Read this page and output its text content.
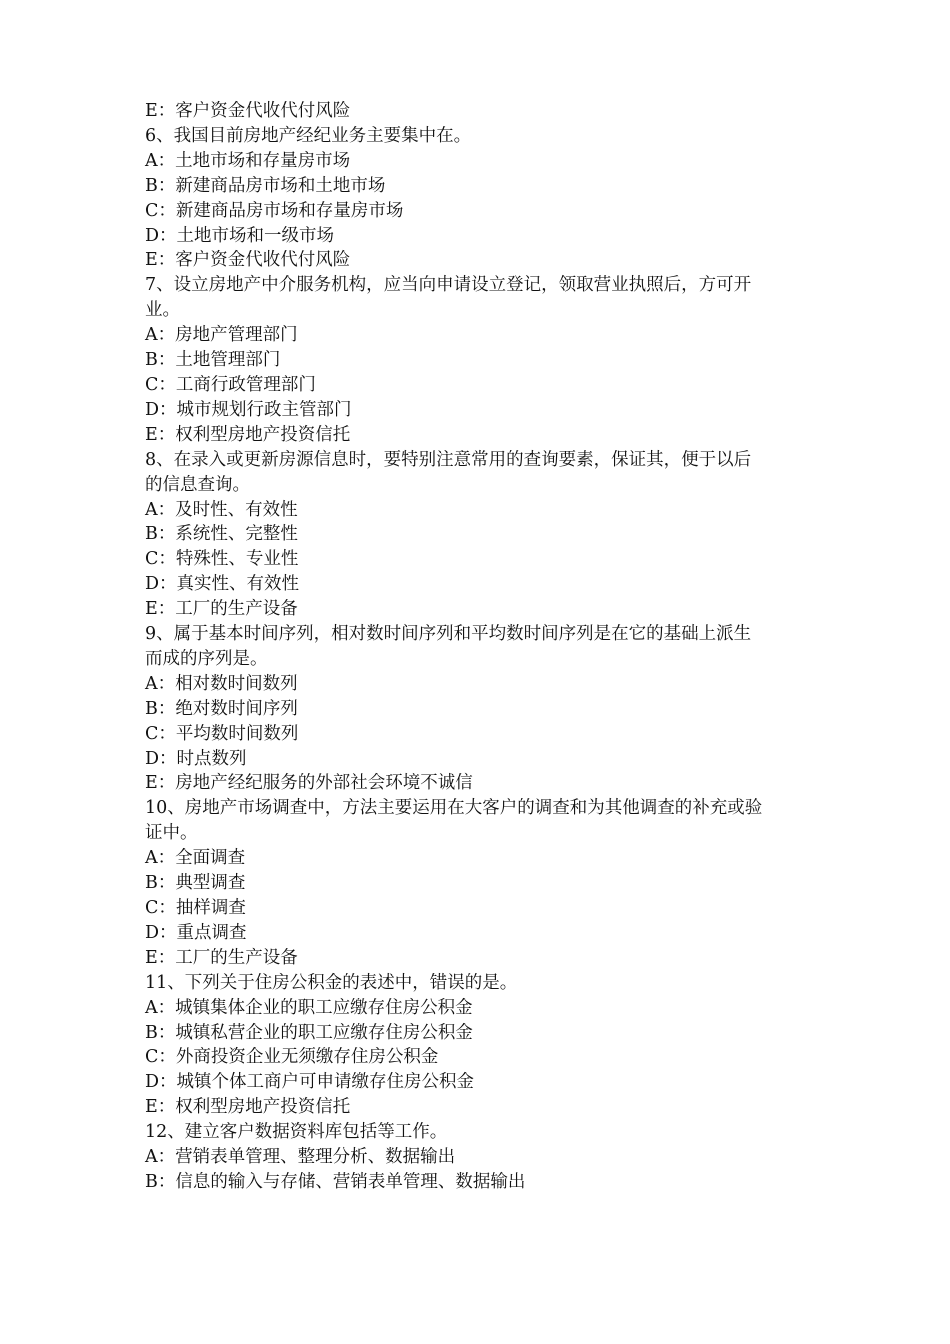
E：客户资金代收代付风险

6、我国目前房地产经纪业务主要集中在。

A：土地市场和存量房市场

B：新建商品房市场和土地市场

C：新建商品房市场和存量房市场

D：土地市场和一级市场

E：客户资金代收代付风险

7、设立房地产中介服务机构，应当向申请设立登记，领取营业执照后，方可开

业。

A：房地产管理部门

B：土地管理部门

C：工商行政管理部门

D：城市规划行政主管部门

E：权利型房地产投资信托

8、在录入或更新房源信息时，要特别注意常用的查询要素，保证其，便于以后

的信息查询。

A：及时性、有效性

B：系统性、完整性

C：特殊性、专业性

D：真实性、有效性

E：工厂的生产设备

9、属于基本时间序列，相对数时间序列和平均数时间序列是在它的基础上派生

而成的序列是。

A：相对数时间数列

B：绝对数时间序列

C：平均数时间数列

D：时点数列

E：房地产经纪服务的外部社会环境不诚信

10、房地产市场调查中，方法主要运用在大客户的调查和为其他调查的补充或验

证中。

A：全面调查

B：典型调查

C：抽样调查

D：重点调查

E：工厂的生产设备

11、下列关于住房公积金的表述中，错误的是。

A：城镇集体企业的职工应缴存住房公积金

B：城镇私营企业的职工应缴存住房公积金

C：外商投资企业无须缴存住房公积金

D：城镇个体工商户可申请缴存住房公积金

E：权利型房地产投资信托

12、建立客户数据资料库包括等工作。

A：营销表单管理、整理分析、数据输出

B：信息的输入与存储、营销表单管理、数据输出
